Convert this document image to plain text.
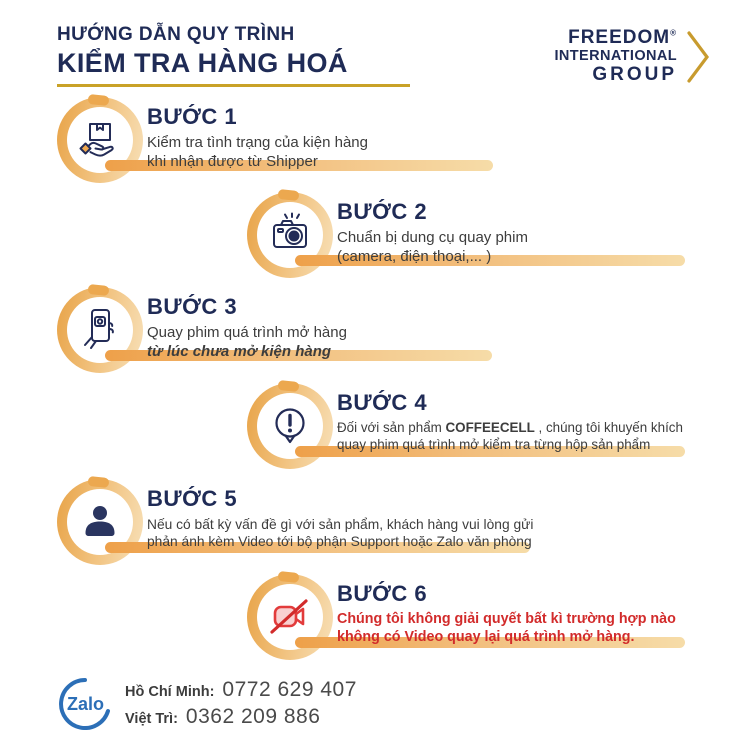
HƯỚNG DẪN QUY TRÌNH
KIỂM TRA HÀNG HOÁ
FREEDOM®
INTERNATIONAL
GROUP
BƯỚC 1
Kiểm tra tình trạng của kiện hàng
khi nhận được từ Shipper
BƯỚC 2
Chuẩn bị dung cụ quay phim
(camera, điện thoại,... )
BƯỚC 3
Quay phim quá trình mở hàng
từ lúc chưa mở kiện hàng
BƯỚC 4
Đối với sản phẩm COFFEECELL , chúng tôi khuyến khích
quay phim quá trình mở kiểm tra từng hộp sản phẩm
BƯỚC 5
Nếu có bất kỳ vấn đề gì với sản phẩm, khách hàng vui lòng gửi
phản ánh kèm Video tới bộ phận Support hoặc Zalo văn phòng
BƯỚC 6
Chúng tôi không giải quyết bất kì trường hợp nào
không có Video quay lại quá trình mở hàng.
Zalo
Hồ Chí Minh: 0772 629 407
Việt Trì: 0362 209 886
